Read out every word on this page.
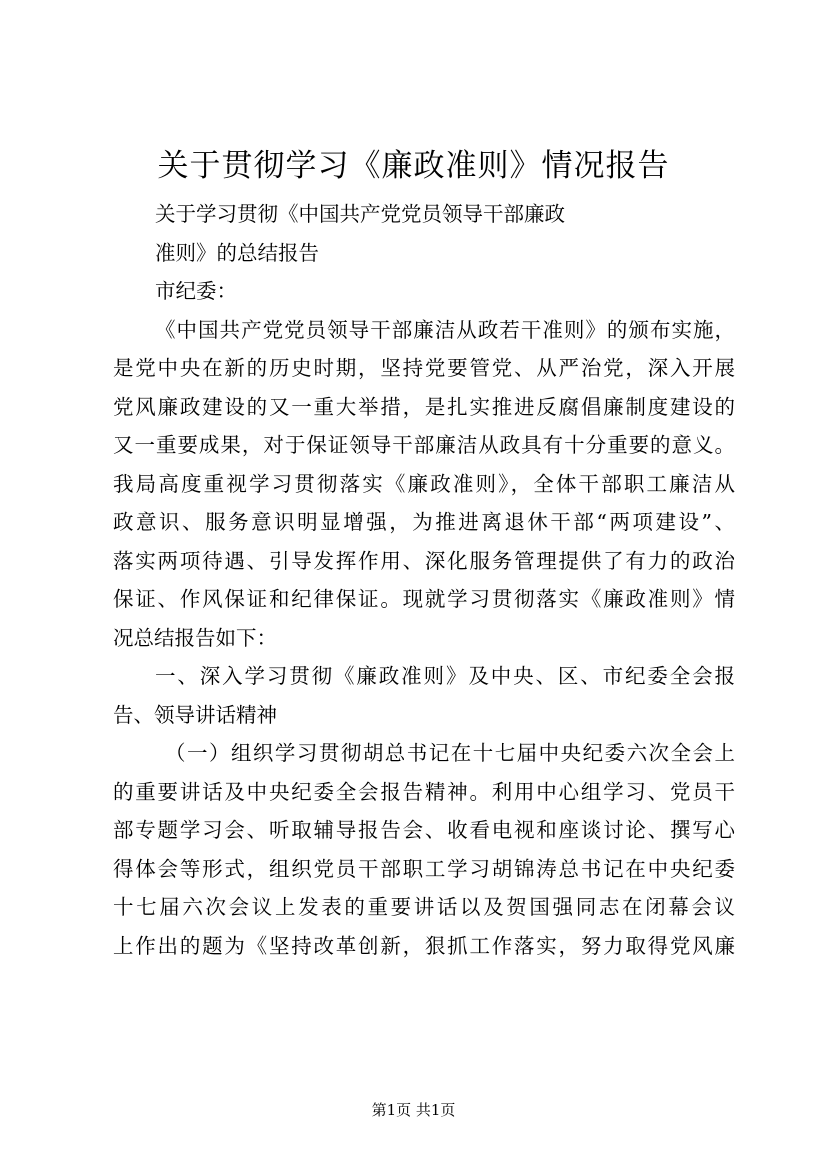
关于贯彻学习《廉政准则》情况报告
关于学习贯彻《中国共产党党员领导干部廉政
准则》的总结报告
市纪委：
《中国共产党党员领导干部廉洁从政若干准则》的颁布实施，
是党中央在新的历史时期，坚持党要管党、从严治党，深入开展
党风廉政建设的又一重大举措，是扎实推进反腐倡廉制度建设的
又一重要成果，对于保证领导干部廉洁从政具有十分重要的意义。
我局高度重视学习贯彻落实《廉政准则》，全体干部职工廉洁从
政意识、服务意识明显增强，为推进离退休干部“两项建设”、
落实两项待遇、引导发挥作用、深化服务管理提供了有力的政治
保证、作风保证和纪律保证。现就学习贯彻落实《廉政准则》情
况总结报告如下：
一、深入学习贯彻《廉政准则》及中央、区、市纪委全会报
告、领导讲话精神
（一）组织学习贯彻胡总书记在十七届中央纪委六次全会上
的重要讲话及中央纪委全会报告精神。利用中心组学习、党员干
部专题学习会、听取辅导报告会、收看电视和座谈讨论、撰写心
得体会等形式，组织党员干部职工学习胡锦涛总书记在中央纪委
十七届六次会议上发表的重要讲话以及贺国强同志在闭幕会议
上作出的题为《坚持改革创新，狠抓工作落实，努力取得党风廉
第1页 共1页
